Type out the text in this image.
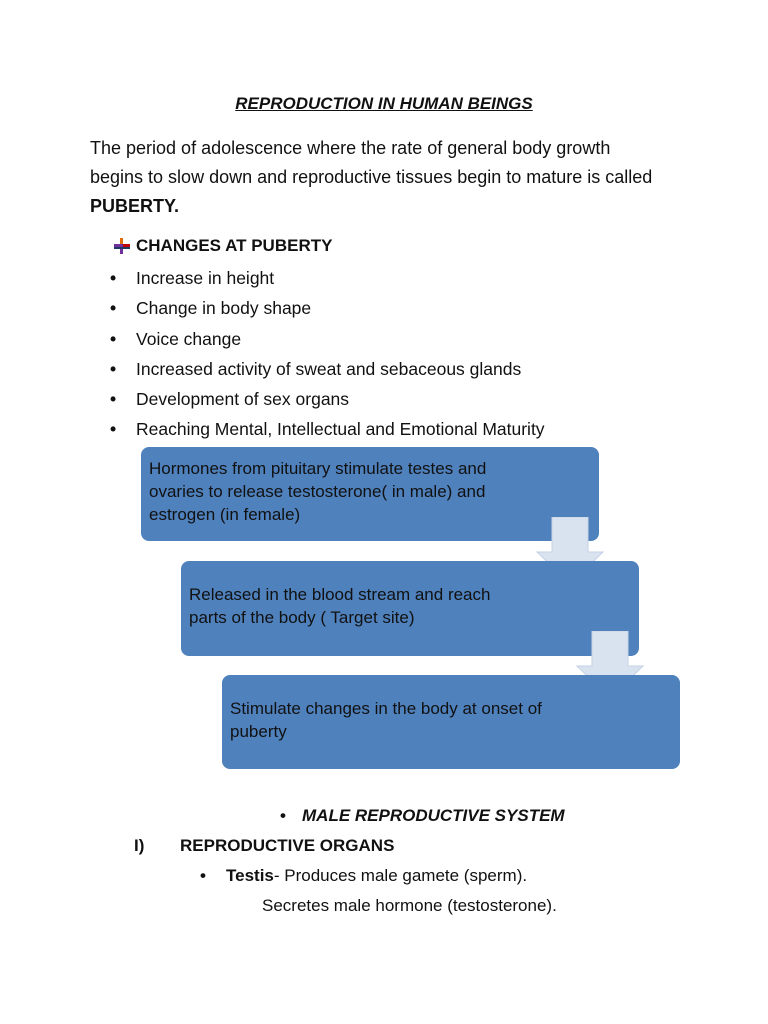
REPRODUCTION IN HUMAN BEINGS
The period of adolescence where the rate of general body growth
begins to slow down and reproductive tissues begin to mature is called
PUBERTY.
CHANGES AT PUBERTY
•	Increase in height
•	Change in body shape
•	Voice change
•	Increased activity of sweat and sebaceous glands
•	Development of sex organs
•	Reaching Mental, Intellectual and Emotional Maturity
Hormones from pituitary stimulate testes and ovaries to release testosterone( in male) and estrogen (in female)
Released in the blood stream and reach parts of the body ( Target site)
Stimulate changes in the body at onset of puberty
• MALE REPRODUCTIVE SYSTEM
I)	REPRODUCTIVE ORGANS
•	Testis - Produces male gamete (sperm).
Secretes male hormone (testosterone).
